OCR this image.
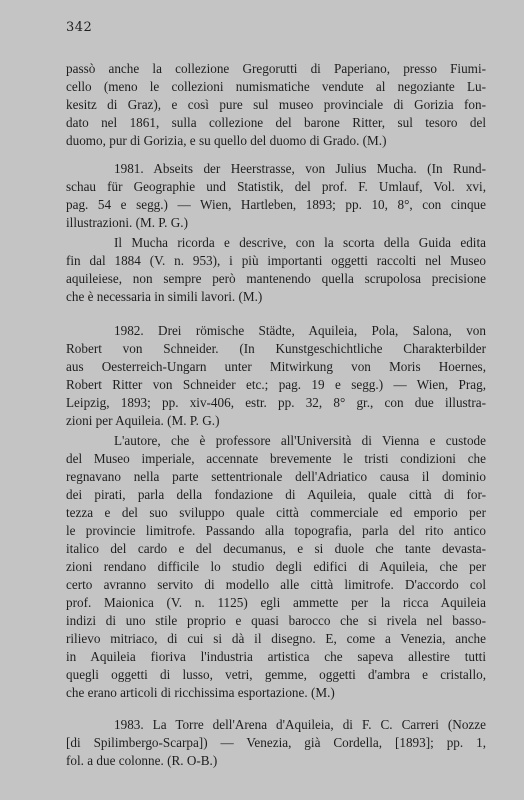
342
passò anche la collezione Gregorutti di Paperiano, presso Fiumi-
cello (meno le collezioni numismatiche vendute al negoziante Lu-
kesitz di Graz), e così pure sul museo provinciale di Gorizia fon-
dato nel 1861, sulla collezione del barone Ritter, sul tesoro del
duomo, pur di Gorizia, e su quello del duomo di Grado. (M.)
1981. Abseits der Heerstrasse, von Julius Mucha. (In Rund-
schau für Geographie und Statistik, del prof. F. Umlauf, Vol. xvi,
pag. 54 e segg.) — Wien, Hartleben, 1893; pp. 10, 8°, con cinque
illustrazioni. (M. P. G.)
Il Mucha ricorda e descrive, con la scorta della Guida edita
fin dal 1884 (V. n. 953), i più importanti oggetti raccolti nel Museo
aquileiese, non sempre però mantenendo quella scrupolosa precisione
che è necessaria in simili lavori. (M.)
1982. Drei römische Städte, Aquileia, Pola, Salona, von
Robert von Schneider. (In Kunstgeschichtliche Charakterbilder
aus Oesterreich-Ungarn unter Mitwirkung von Moris Hoernes,
Robert Ritter von Schneider etc.; pag. 19 e segg.) — Wien, Prag,
Leipzig, 1893; pp. xiv-406, estr. pp. 32, 8° gr., con due illustra-
zioni per Aquileia. (M. P. G.)
L'autore, che è professore all'Università di Vienna e custode
del Museo imperiale, accennate brevemente le tristi condizioni che
regnavano nella parte settentrionale dell'Adriatico causa il dominio
dei pirati, parla della fondazione di Aquileia, quale città di for-
tezza e del suo sviluppo quale città commerciale ed emporio per
le provincie limitrofe. Passando alla topografia, parla del rito antico
italico del cardo e del decumanus, e si duole che tante devasta-
zioni rendano difficile lo studio degli edifici di Aquileia, che per
certo avranno servito di modello alle città limitrofe. D'accordo col
prof. Maionica (V. n. 1125) egli ammette per la ricca Aquileia
indizi di uno stile proprio e quasi barocco che si rivela nel basso-
rilievo mitriaco, di cui si dà il disegno. E, come a Venezia, anche
in Aquileia fioriva l'industria artistica che sapeva allestire tutti
quegli oggetti di lusso, vetri, gemme, oggetti d'ambra e cristallo,
che erano articoli di ricchissima esportazione. (M.)
1983. La Torre dell'Arena d'Aquileia, di F. C. Carreri (Nozze
[di Spilimbergo-Scarpa]) — Venezia, già Cordella, [1893]; pp. 1,
fol. a due colonne. (R. O-B.)
